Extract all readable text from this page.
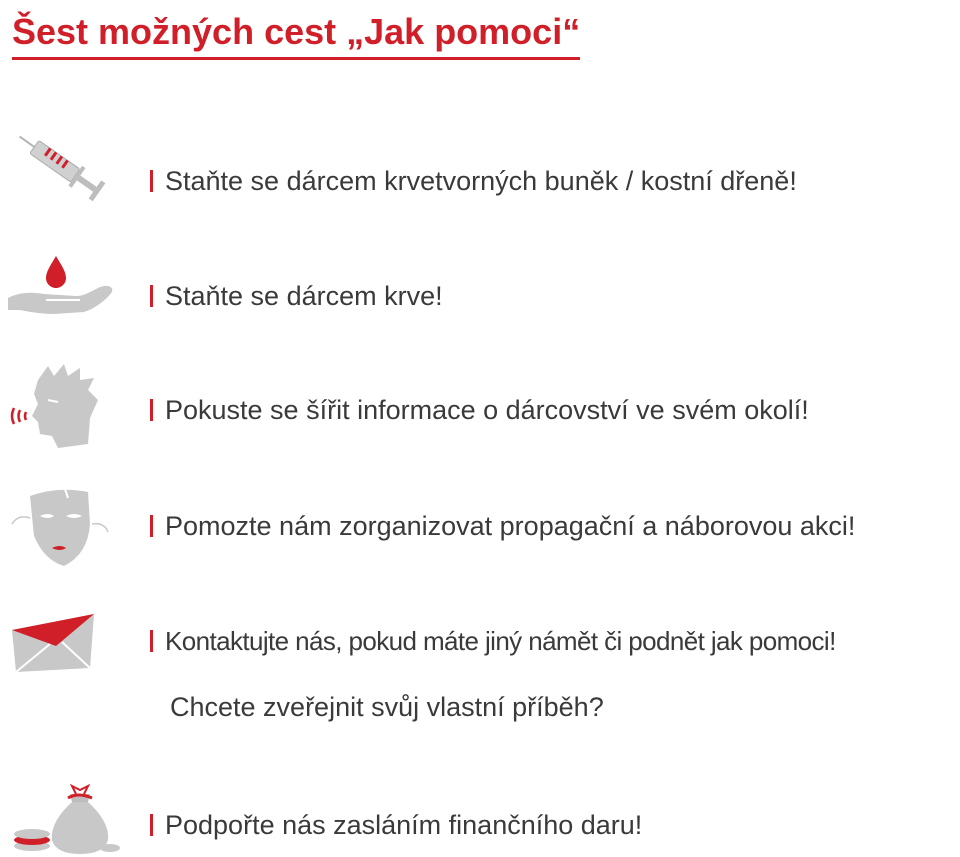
Šest možných cest „Jak pomoci“
Staňte se dárcem krvetvorných buněk / kostní dřeně!
Staňte se dárcem krve!
Pokuste se šířit informace o dárcovství ve svém okolí!
Pomozte nám zorganizovat propagační a náborovou akci!
Kontaktujte nás, pokud máte jiný námět či podnět jak pomoci!
Chcete zveřejnit svůj vlastní příběh?
Podpořte nás zasláním finančního daru!
